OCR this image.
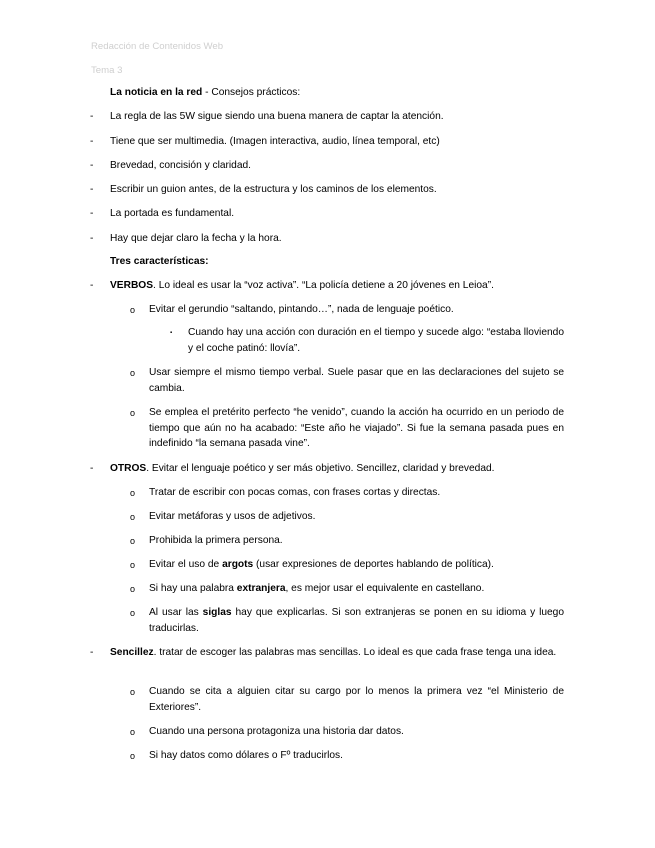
Redacción de Contenidos Web
Tema 3
La noticia en la red - Consejos prácticos:
- La regla de las 5W sigue siendo una buena manera de captar la atención.
- Tiene que ser multimedia. (Imagen interactiva, audio, línea temporal, etc)
- Brevedad, concisión y claridad.
- Escribir un guion antes, de la estructura y los caminos de los elementos.
- La portada es fundamental.
- Hay que dejar claro la fecha y la hora.
Tres características:
- VERBOS. Lo ideal es usar la “voz activa”. “La policía detiene a 20 jóvenes en Leioa”.
o Evitar el gerundio “saltando, pintando…”, nada de lenguaje poético.
▪ Cuando hay una acción con duración en el tiempo y sucede algo: “estaba lloviendo y el coche patinó: llovía”.
o Usar siempre el mismo tiempo verbal. Suele pasar que en las declaraciones del sujeto se cambia.
o Se emplea el pretérito perfecto “he venido”, cuando la acción ha ocurrido en un periodo de tiempo que aún no ha acabado: “Este año he viajado”. Si fue la semana pasada pues en indefinido “la semana pasada vine”.
- OTROS. Evitar el lenguaje poético y ser más objetivo. Sencillez, claridad y brevedad.
o Tratar de escribir con pocas comas, con frases cortas y directas.
o Evitar metáforas y usos de adjetivos.
o Prohibida la primera persona.
o Evitar el uso de argots (usar expresiones de deportes hablando de política).
o Si hay una palabra extranjera, es mejor usar el equivalente en castellano.
o Al usar las siglas hay que explicarlas. Si son extranjeras se ponen en su idioma y luego traducirlas.
- Sencillez. tratar de escoger las palabras mas sencillas. Lo ideal es que cada frase tenga una idea.
o Cuando se cita a alguien citar su cargo por lo menos la primera vez “el Ministerio de Exteriores”.
o Cuando una persona protagoniza una historia dar datos.
o Si hay datos como dólares o Fº traducirlos.
